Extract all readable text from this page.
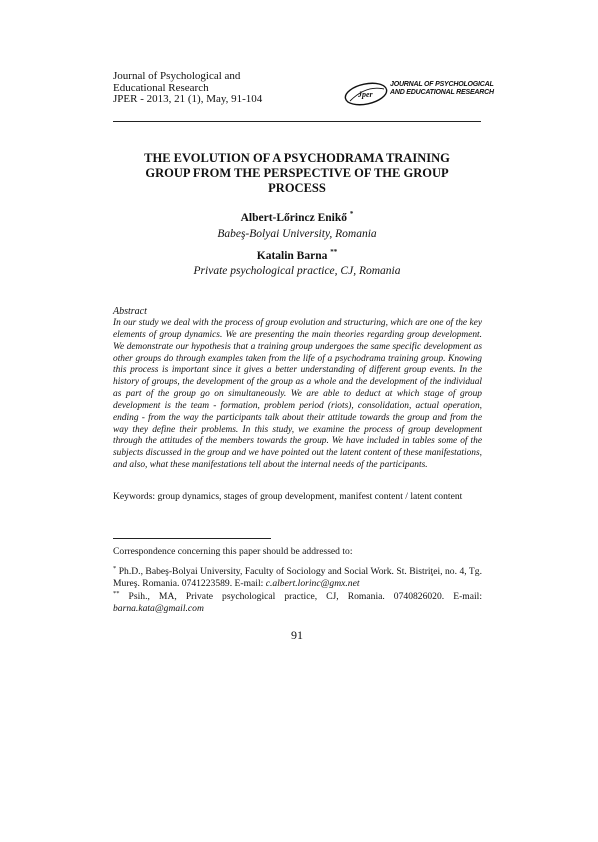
Journal of Psychological and
Educational Research
JPER - 2013, 21 (1), May, 91-104	Jper
JOURNAL OF PSYCHOLOGICAL
AND EDUCATIONAL RESEARCH
THE EVOLUTION OF A PSYCHODRAMA TRAINING
GROUP FROM THE PERSPECTIVE OF THE GROUP
PROCESS
Albert-Lőrincz Enikő *
Babeş-Bolyai University, Romania
Katalin Barna **
Private psychological practice, CJ, Romania
Abstract
In our study we deal with the process of group evolution and structuring, which are one of the key elements of group dynamics. We are presenting the main theories regarding group development. We demonstrate our hypothesis that a training group undergoes the same specific development as other groups do through examples taken from the life of a psychodrama training group. Knowing this process is important since it gives a better understanding of different group events. In the history of groups, the development of the group as a whole and the development of the individual as part of the group go on simultaneously. We are able to deduct at which stage of group development is the team - formation, problem period (riots), consolidation, actual operation, ending - from the way the participants talk about their attitude towards the group and from the way they define their problems. In this study, we examine the process of group development through the attitudes of the members towards the group. We have included in tables some of the subjects discussed in the group and we have pointed out the latent content of these manifestations, and also, what these manifestations tell about the internal needs of the participants.
Keywords: group dynamics, stages of group development, manifest content / latent content
Correspondence concerning this paper should be addressed to:
* Ph.D., Babeş-Bolyai University, Faculty of Sociology and Social Work. St. Bistriţei, no. 4, Tg. Mureş. Romania. 0741223589. E-mail: c.albert.lorinc@gmx.net
** Psih., MA, Private psychological practice, CJ, Romania. 0740826020. E-mail: barna.kata@gmail.com
91
